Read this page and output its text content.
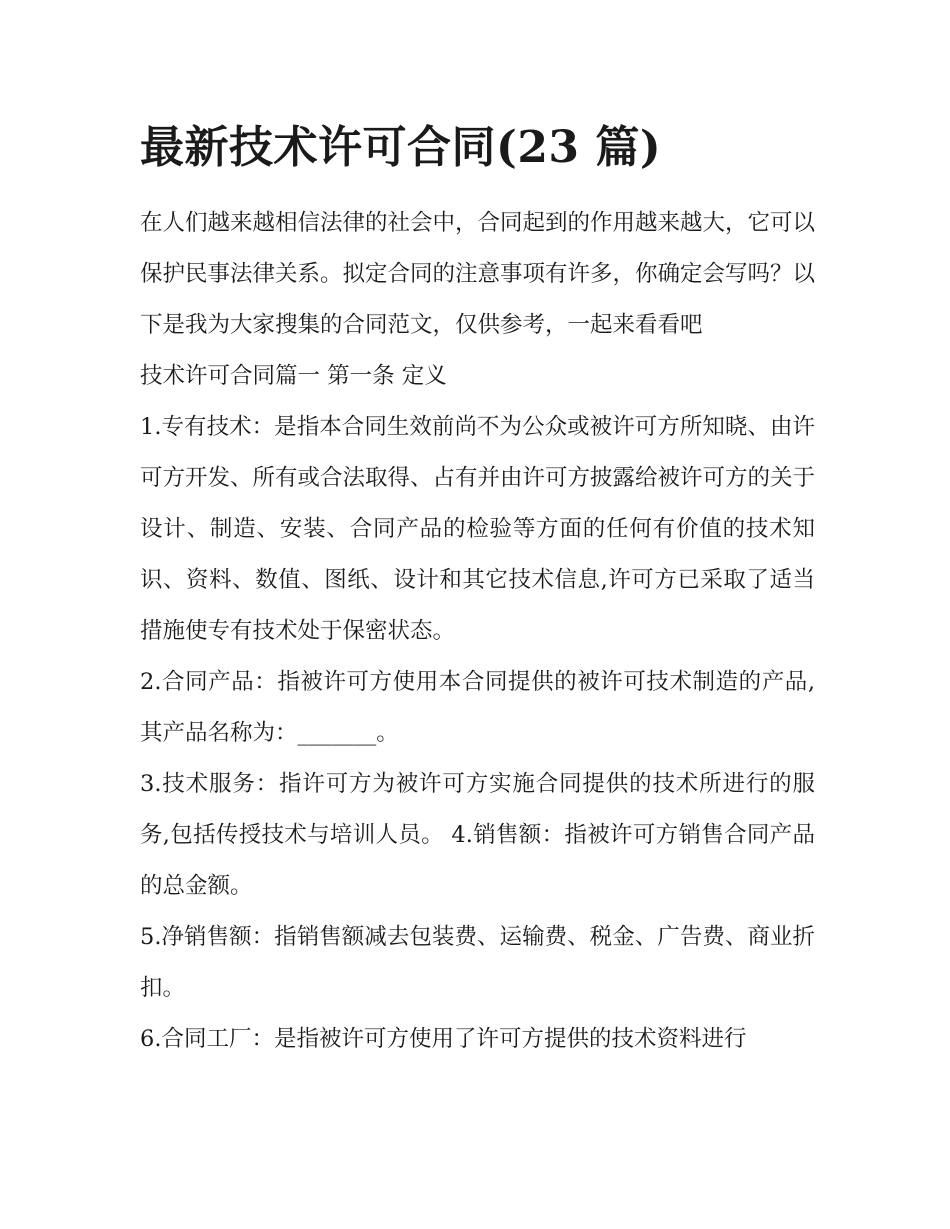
最新技术许可合同(23 篇)

在人们越来越相信法律的社会中，合同起到的作用越来越大，它可以保护民事法律关系。拟定合同的注意事项有许多，你确定会写吗？以下是我为大家搜集的合同范文，仅供参考，一起来看看吧

技术许可合同篇一 第一条 定义

1.专有技术：是指本合同生效前尚不为公众或被许可方所知晓、由许可方开发、所有或合法取得、占有并由许可方披露给被许可方的关于设计、制造、安装、合同产品的检验等方面的任何有价值的技术知识、资料、数值、图纸、设计和其它技术信息,许可方已采取了适当措施使专有技术处于保密状态。

2.合同产品：指被许可方使用本合同提供的被许可技术制造的产品,其产品名称为：_______。

3.技术服务：指许可方为被许可方实施合同提供的技术所进行的服务,包括传授技术与培训人员。 4.销售额：指被许可方销售合同产品的总金额。

5.净销售额：指销售额减去包装费、运输费、税金、广告费、商业折扣。

6.合同工厂：是指被许可方使用了许可方提供的技术资料进行
